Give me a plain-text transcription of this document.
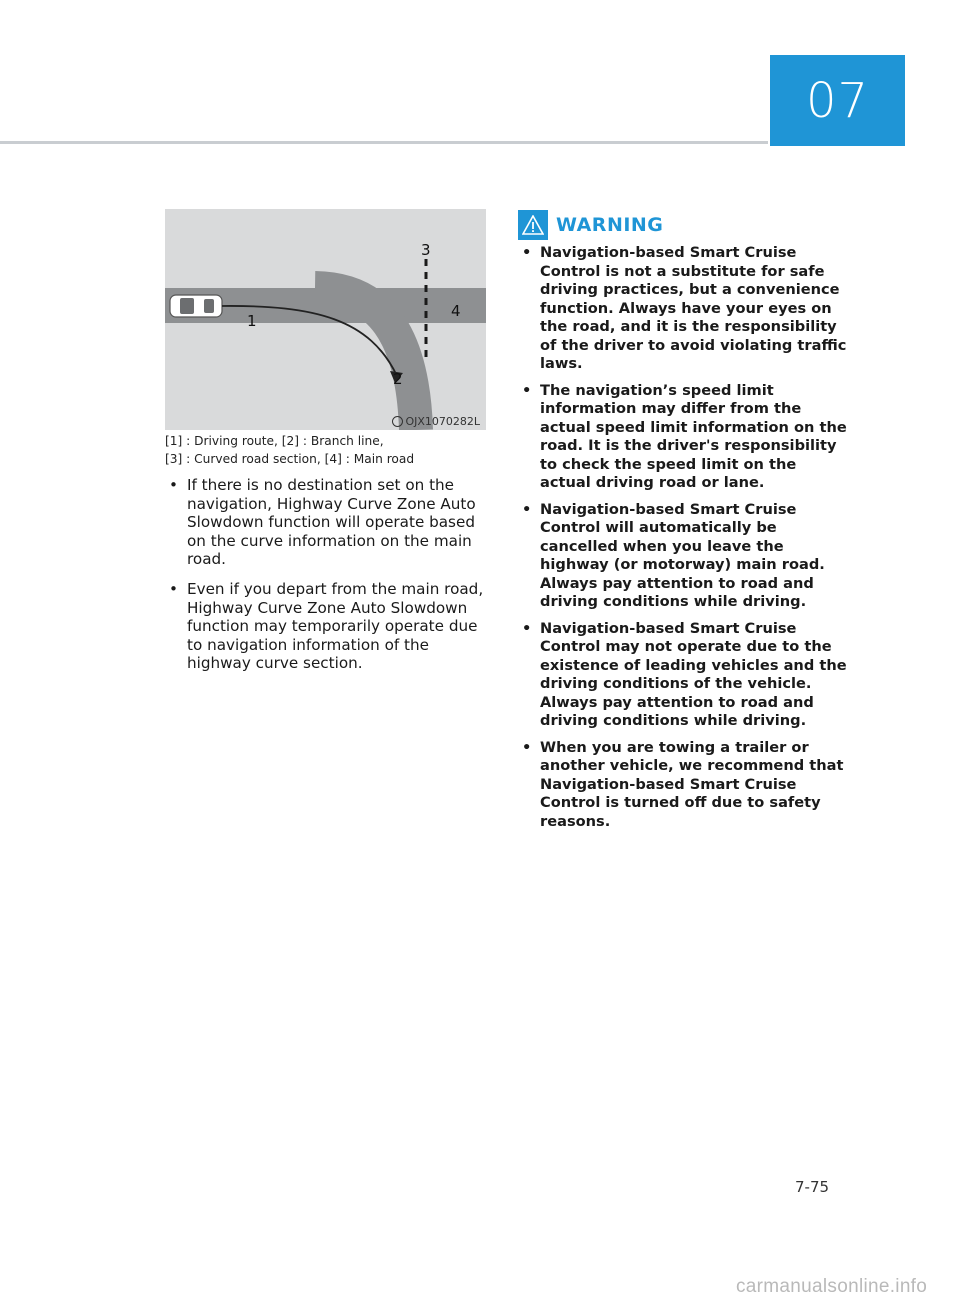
07
1
2
3
4
OJX1070282L
[1] : Driving route, [2] : Branch line,
[3] : Curved road section, [4] : Main road
• If there is no destination set on the navigation, Highway Curve Zone Auto Slowdown function will operate based on the curve information on the main road.
• Even if you depart from the main road, Highway Curve Zone Auto Slowdown function may temporarily operate due to navigation information of the highway curve section.
WARNING
• Navigation-based Smart Cruise Control is not a substitute for safe driving practices, but a convenience function. Always have your eyes on the road, and it is the responsibility of the driver to avoid violating traffic laws.
• The navigation’s speed limit information may differ from the actual speed limit information on the road. It is the driver's responsibility to check the speed limit on the actual driving road or lane.
• Navigation-based Smart Cruise Control will automatically be cancelled when you leave the highway (or motorway) main road. Always pay attention to road and driving conditions while driving.
• Navigation-based Smart Cruise Control may not operate due to the existence of leading vehicles and the driving conditions of the vehicle. Always pay attention to road and driving conditions while driving.
• When you are towing a trailer or another vehicle, we recommend that Navigation-based Smart Cruise Control is turned off due to safety reasons.
7-75
carmanualsonline.info
